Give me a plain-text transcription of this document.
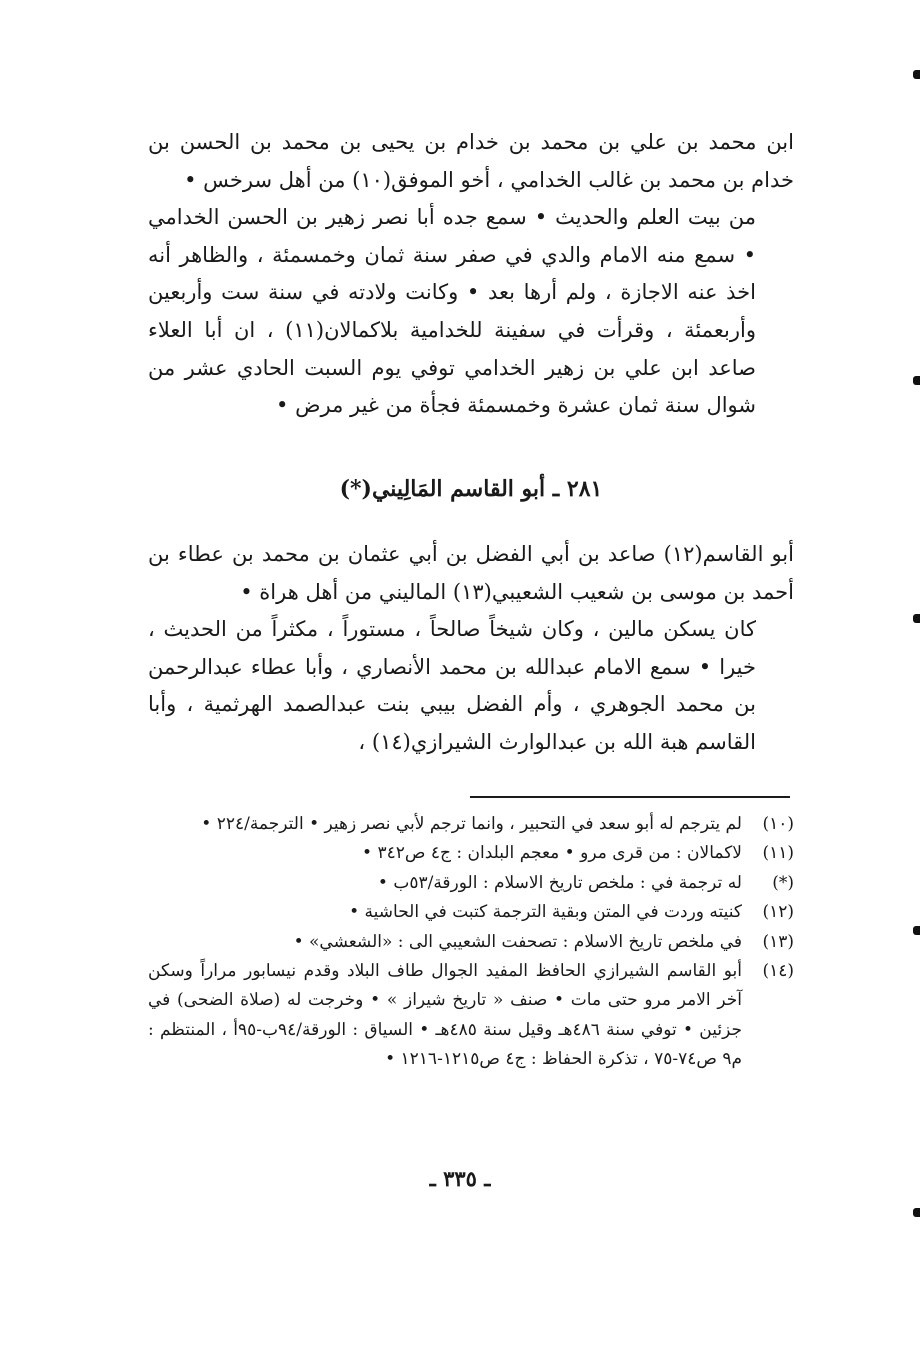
ابن محمد بن علي بن محمد بن خدام بن يحيى بن محمد بن الحسن بن خدام بن محمد بن غالب الخدامي ، أخو الموفق(١٠) من أهل سرخس •

من بيت العلم والحديث • سمع جده أبا نصر زهير بن الحسن الخدامي • سمع منه الامام والدي في صفر سنة ثمان وخمسمئة ، والظاهر أنه اخذ عنه الاجازة ، ولم أرها بعد • وكانت ولادته في سنة ست وأربعين وأربعمئة ، وقرأت في سفينة للخدامية بلاكمالان(١١) ، ان أبا العلاء صاعد ابن علي بن زهير الخدامي توفي يوم السبت الحادي عشر من شوال سنة ثمان عشرة وخمسمئة فجأة من غير مرض •

٢٨١ ـ أبو القاسم المَالِيني(*)

أبو القاسم(١٢) صاعد بن أبي الفضل بن أبي عثمان بن محمد بن عطاء بن أحمد بن موسى بن شعيب الشعيبي(١٣) الماليني من أهل هراة •

كان يسكن مالين ، وكان شيخاً صالحاً ، مستوراً ، مكثراً من الحديث ، خيرا • سمع الامام عبدالله بن محمد الأنصاري ، وأبا عطاء عبدالرحمن بن محمد الجوهري ، وأم الفضل بيبي بنت عبدالصمد الهرثمية ، وأبا القاسم هبة الله بن عبدالوارث الشيرازي(١٤) ،

(١٠)
لم يترجم له أبو سعد في التحبير ، وانما ترجم لأبي نصر زهير • الترجمة/٢٢٤ •
(١١)
لاكمالان : من قرى مرو • معجم البلدان : ج٤ ص٣٤٢ •
(*)
له ترجمة في : ملخص تاريخ الاسلام : الورقة/٥٣ب •
(١٢)
كنيته وردت في المتن وبقية الترجمة كتبت في الحاشية •
(١٣)
في ملخص تاريخ الاسلام : تصحفت الشعيبي الى : «الشعشي» •
(١٤)
أبو القاسم الشيرازي الحافظ المفيد الجوال طاف البلاد وقدم نيسابور مراراً وسكن آخر الامر مرو حتى مات • صنف « تاريخ شيراز » • وخرجت له (صلاة الضحى) في جزئين • توفي سنة ٤٨٦هـ وقيل سنة ٤٨٥هـ • السياق : الورقة/٩٤ب-٩٥أ ، المنتظم : م٩ ص٧٤-٧٥ ، تذكرة الحفاظ : ج٤ ص١٢١٥-١٢١٦ •
ـ ٣٣٥ ـ
